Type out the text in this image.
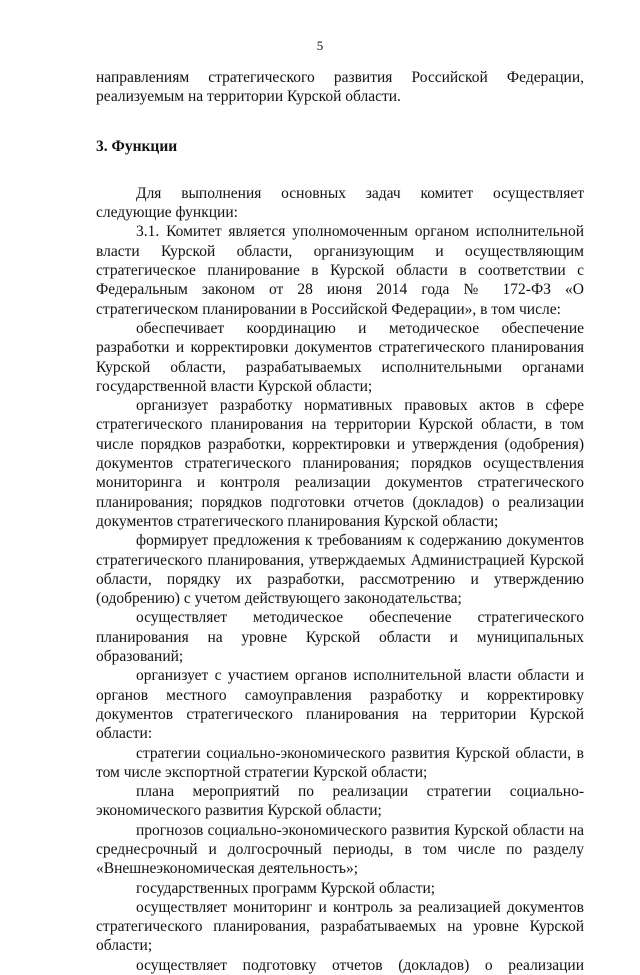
5

направлениям стратегического развития Российской Федерации, реализуемым на территории Курской области.

3. Функции

Для выполнения основных задач комитет осуществляет следующие функции:

3.1. Комитет является уполномоченным органом исполнительной власти Курской области, организующим и осуществляющим стратегическое планирование в Курской области в соответствии с Федеральным законом от 28 июня 2014 года № 172-ФЗ «О стратегическом планировании в Российской Федерации», в том числе:

обеспечивает координацию и методическое обеспечение разработки и корректировки документов стратегического планирования Курской области, разрабатываемых исполнительными органами государственной власти Курской области;

организует разработку нормативных правовых актов в сфере стратегического планирования на территории Курской области, в том числе порядков разработки, корректировки и утверждения (одобрения) документов стратегического планирования; порядков осуществления мониторинга и контроля реализации документов стратегического планирования; порядков подготовки отчетов (докладов) о реализации документов стратегического планирования Курской области;

формирует предложения к требованиям к содержанию документов стратегического планирования, утверждаемых Администрацией Курской области, порядку их разработки, рассмотрению и утверждению (одобрению) с учетом действующего законодательства;

осуществляет методическое обеспечение стратегического планирования на уровне Курской области и муниципальных образований;

организует с участием органов исполнительной власти области и органов местного самоуправления разработку и корректировку документов стратегического планирования на территории Курской области:

стратегии социально-экономического развития Курской области, в том числе экспортной стратегии Курской области;

плана мероприятий по реализации стратегии социально-экономического развития Курской области;

прогнозов социально-экономического развития Курской области на среднесрочный и долгосрочный периоды, в том числе по разделу «Внешнеэкономическая деятельность»;

государственных программ Курской области;

осуществляет мониторинг и контроль за реализацией документов стратегического планирования, разрабатываемых на уровне Курской области;

осуществляет подготовку отчетов (докладов) о реализации
